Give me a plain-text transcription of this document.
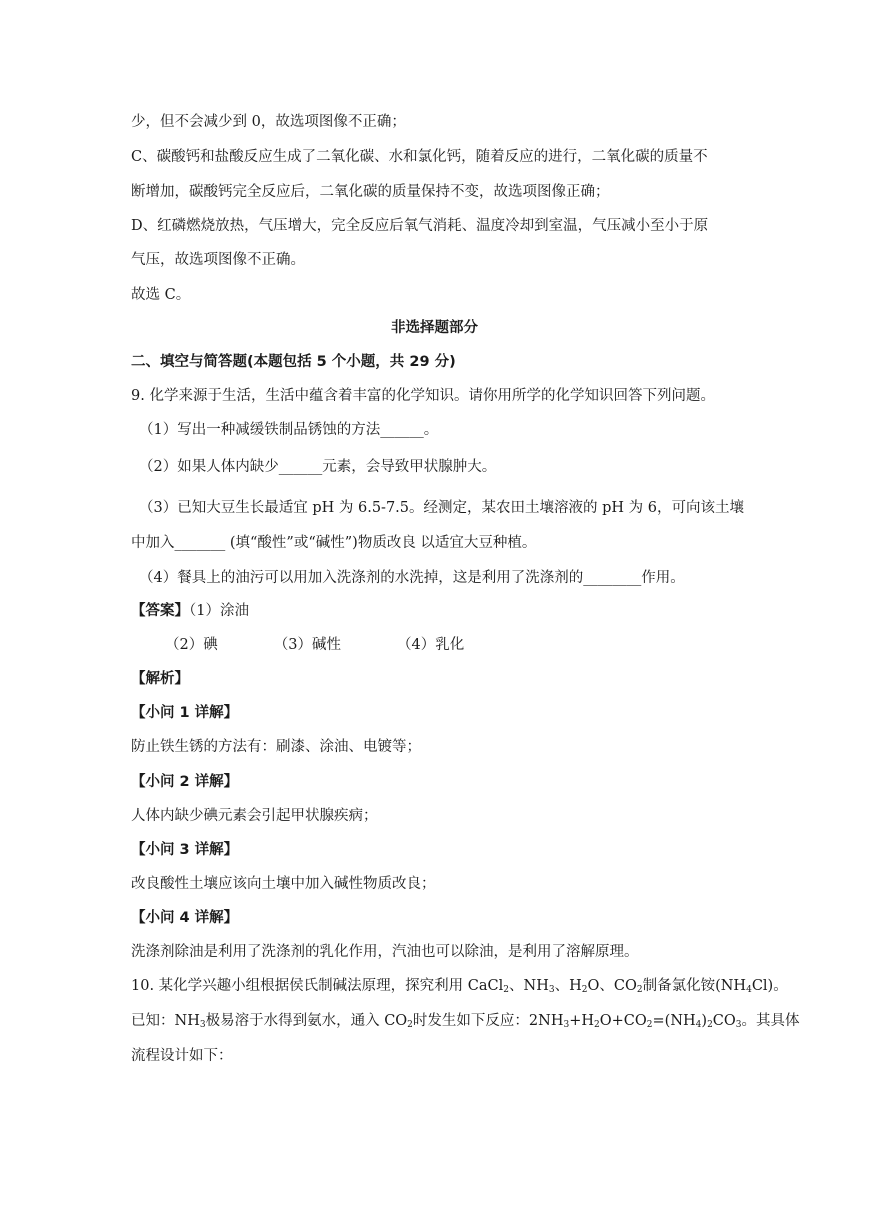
少，但不会减少到 0，故选项图像不正确；
C、碳酸钙和盐酸反应生成了二氧化碳、水和氯化钙，随着反应的进行，二氧化碳的质量不
断增加，碳酸钙完全反应后，二氧化碳的质量保持不变，故选项图像正确；
D、红磷燃烧放热，气压增大，完全反应后氧气消耗、温度冷却到室温，气压减小至小于原
气压，故选项图像不正确。
故选 C。
非选择题部分
二、填空与简答题(本题包括 5 个小题，共 29 分)
9. 化学来源于生活，生活中蕴含着丰富的化学知识。请你用所学的化学知识回答下列问题。
（1）写出一种减缓铁制品锈蚀的方法______。
（2）如果人体内缺少______元素，会导致甲状腺肿大。
（3）已知大豆生长最适宜 pH 为 6.5-7.5。经测定，某农田土壤溶液的 pH 为 6，可向该土壤
中加入_______ (填“酸性”或“碱性”)物质改良 以适宜大豆种植。
（4）餐具上的油污可以用加入洗涤剂的水洗掉，这是利用了洗涤剂的________作用。
【答案】（1）涂油
（2）碘	（3）碱性	（4）乳化
【解析】
【小问 1 详解】
防止铁生锈的方法有：刷漆、涂油、电镀等；
【小问 2 详解】
人体内缺少碘元素会引起甲状腺疾病；
【小问 3 详解】
改良酸性土壤应该向土壤中加入碱性物质改良；
【小问 4 详解】
洗涤剂除油是利用了洗涤剂的乳化作用，汽油也可以除油，是利用了溶解原理。
10. 某化学兴趣小组根据侯氏制碱法原理，探究利用 CaCl$_2$、$NH_3$、$H_2O$、$CO_2$制备氯化铵$(NH_4Cl)$。
已知：$NH_3$极易溶于水得到氨水，通入 $CO_2$时发生如下反应：$2NH_3+H_2O+CO_2=(NH_4)_2CO_3$。其具体
流程设计如下：
